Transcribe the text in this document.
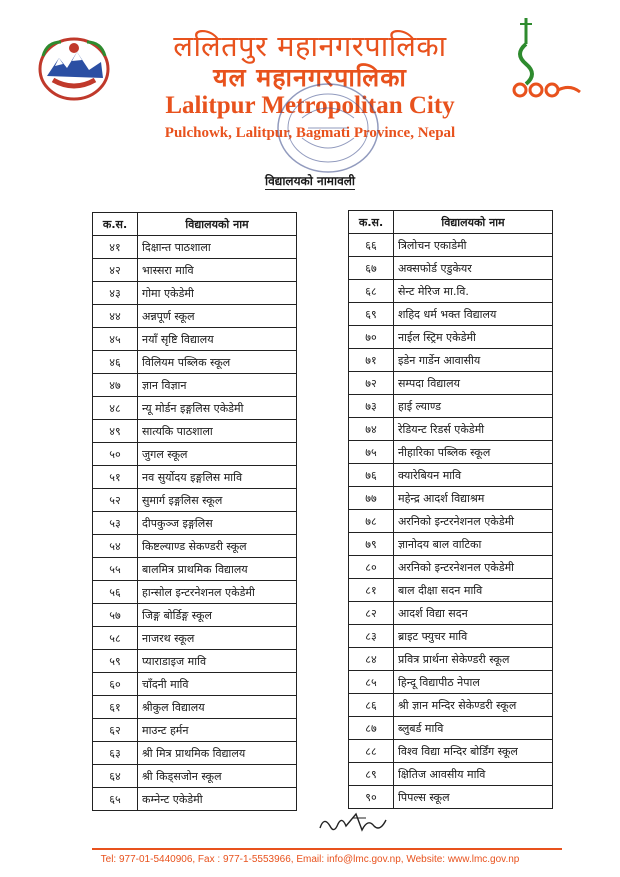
ललितपुर महानगरपालिका
यल महानगरपालिका
Lalitpur Metropolitan City
Pulchowk, Lalitpur, Bagmati Province, Nepal
विद्यालयको नामावली
क.स.	विद्यालयको नाम
४१	दिक्षान्त पाठशाला
४२	भास्सरा मावि
४३	गोमा एकेडेमी
४४	अन्नपूर्ण स्कूल
४५	नयाँ सृष्टि विद्यालय
४६	विलियम पब्लिक स्कूल
४७	ज्ञान विज्ञान
४८	न्यू मोर्डन इङ्गलिस एकेडेमी
४९	सात्यकि पाठशाला
५०	जुगल स्कूल
५१	नव सुर्योदय इङ्गलिस मावि
५२	सुमार्ग इङ्गलिस स्कूल
५३	दीपकुञ्ज इङ्गलिस
५४	किष्टल्याण्ड सेकण्डरी स्कूल
५५	बालमित्र प्राथमिक विद्यालय
५६	हान्सोल इन्टरनेशनल एकेडेमी
५७	जिङ्ग बोर्डिङ्ग स्कूल
५८	नाजरथ स्कूल
५९	प्याराडाइज मावि
६०	चाँदनी मावि
६१	श्रीकुल विद्यालय
६२	माउन्ट हर्मन
६३	श्री मित्र प्राथमिक विद्यालय
६४	श्री किड्सजोन स्कूल
६५	कम्नेन्ट एकेडेमी
क.स.	विद्यालयको नाम
६६	त्रिलोचन एकाडेमी
६७	अक्सफोर्ड एडुकेयर
६८	सेन्ट मेरिज मा.वि.
६९	शहिद धर्म भक्त विद्यालय
७०	नाईल स्ट्रिम एकेडेमी
७१	इडेन गार्डेन आवासीय
७२	सम्पदा विद्यालय
७३	हाई ल्याण्ड
७४	रेडियन्ट रिडर्स एकेडेमी
७५	नीहारिका पब्लिक स्कूल
७६	क्यारेबियन मावि
७७	महेन्द्र आदर्श विद्याश्रम
७८	अरनिको इन्टरनेशनल एकेडेमी
७९	ज्ञानोदय बाल वाटिका
८०	अरनिको इन्टरनेशनल एकेडेमी
८१	बाल दीक्षा सदन मावि
८२	आदर्श विद्या सदन
८३	ब्राइट फ्युचर मावि
८४	प्रवित्र प्रार्थना सेकेण्डरी स्कूल
८५	हिन्दू विद्यापीठ नेपाल
८६	श्री ज्ञान मन्दिर सेकेण्डरी स्कूल
८७	ब्लुबर्ड मावि
८८	विश्व विद्या मन्दिर बोर्डिंग स्कूल
८९	क्षितिज आवसीय मावि
९०	पिपल्स स्कूल
Tel: 977-01-5440906, Fax : 977-1-5553966, Email: info@lmc.gov.np, Website: www.lmc.gov.np
